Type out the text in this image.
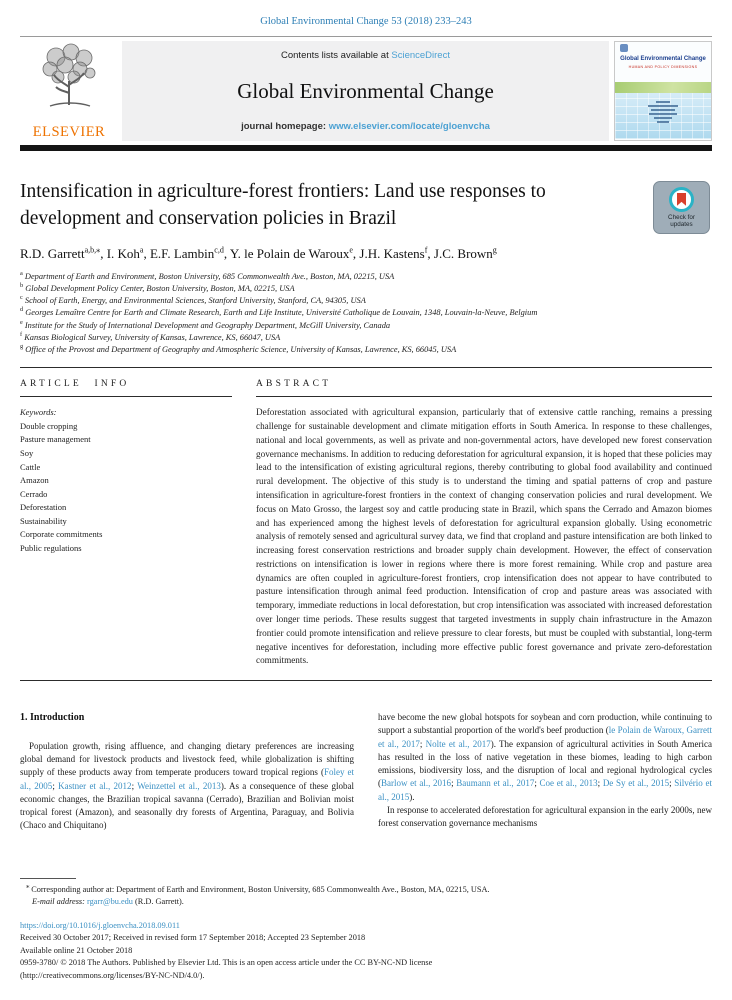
Global Environmental Change 53 (2018) 233–243
ELSEVIER
Contents lists available at ScienceDirect
Global Environmental Change
journal homepage: www.elsevier.com/locate/gloenvcha
Global Environmental Change
HUMAN AND POLICY DIMENSIONS
Intensification in agriculture-forest frontiers: Land use responses to development and conservation policies in Brazil	Check for updates
R.D. Garrett$^{a,b,⁎}$, I. Koh$^a$, E.F. Lambin$^{c,d}$, Y. le Polain de Waroux$^e$, J.H. Kastens$^f$, J.C. Brown$^g$
$^a$ Department of Earth and Environment, Boston University, 685 Commonwealth Ave., Boston, MA, 02215, USA
$^b$ Global Development Policy Center, Boston University, Boston, MA, 02215, USA
$^c$ School of Earth, Energy, and Environmental Sciences, Stanford University, Stanford, CA, 94305, USA
$^d$ Georges Lemaître Centre for Earth and Climate Research, Earth and Life Institute, Université Catholique de Louvain, 1348, Louvain-la-Neuve, Belgium
$^e$ Institute for the Study of International Development and Geography Department, McGill University, Canada
$^f$ Kansas Biological Survey, University of Kansas, Lawrence, KS, 66047, USA
$^g$ Office of the Provost and Department of Geography and Atmospheric Science, University of Kansas, Lawrence, KS, 66045, USA
ARTICLE INFO
Keywords:
Double cropping
Pasture management
Soy
Cattle
Amazon
Cerrado
Deforestation
Sustainability
Corporate commitments
Public regulations
ABSTRACT
Deforestation associated with agricultural expansion, particularly that of extensive cattle ranching, remains a pressing challenge for sustainable development and climate mitigation efforts in South America. In response to these challenges, national and local governments, as well as private and non-governmental actors, have developed new forest conservation governance mechanisms. In addition to reducing deforestation for agricultural expansion, it is hoped that these policies may lead to the intensification of existing agricultural regions, thereby contributing to global food availability and continued rural development. The objective of this study is to understand the timing and spatial patterns of crop and pasture intensification in agriculture-forest frontiers in the context of changing conservation policies and rural development. We focus on Mato Grosso, the largest soy and cattle producing state in Brazil, which spans the Cerrado and Amazon biomes and has experienced among the highest levels of deforestation for agricultural expansion globally. Using econometric analysis of remotely sensed and agricultural survey data, we find that cropland and pasture intensification are both linked to increasing forest conservation restrictions and broader supply chain development. However, the effect of conservation restrictions on intensification is lower in regions where there is more forest remaining. While crop and pasture area dynamics are often coupled in agriculture-forest frontiers, crop intensification does not appear to have contributed to pasture intensification through animal feed production. Intensification of crop and pasture areas was associated with temporary, immediate reductions in local deforestation, but crop intensification was associated with increased deforestation over longer time periods. These results suggest that targeted investments in supply chain infrastructure in the Amazon frontier could promote intensification and relieve pressure to clear forests, but must be coupled with substantial, long-term negative incentives for deforestation, including more effective public forest governance and private zero-deforestation commitments.
1. Introduction
Population growth, rising affluence, and changing dietary preferences are increasing global demand for livestock products and livestock feed, while globalization is shifting supply of these products away from temperate producers toward tropical regions (Foley et al., 2005; Kastner et al., 2012; Weinzettel et al., 2013). As a consequence of these global economic changes, the Brazilian tropical savanna (Cerrado), Brazilian and Bolivian moist tropical forest (Amazon), and seasonally dry forests of Argentina, Paraguay, and Bolivia (Chaco and Chiquitano)
have become the new global hotspots for soybean and corn production, while continuing to support a substantial proportion of the world's beef production (le Polain de Waroux, Garrett et al., 2017; Nolte et al., 2017). The expansion of agricultural activities in South America has resulted in the loss of native vegetation in these biomes, leading to high carbon emissions, biodiversity loss, and the disruption of local and regional hydrological cycles (Barlow et al., 2016; Baumann et al., 2017; Coe et al., 2013; De Sy et al., 2015; Silvério et al., 2015).
In response to accelerated deforestation for agricultural expansion in the early 2000s, new forest conservation governance mechanisms
⁎ Corresponding author at: Department of Earth and Environment, Boston University, 685 Commonwealth Ave., Boston, MA, 02215, USA.
E-mail address: rgarr@bu.edu (R.D. Garrett).
https://doi.org/10.1016/j.gloenvcha.2018.09.011
Received 30 October 2017; Received in revised form 17 September 2018; Accepted 23 September 2018
Available online 21 October 2018
0959-3780/ © 2018 The Authors. Published by Elsevier Ltd. This is an open access article under the CC BY-NC-ND license
(http://creativecommons.org/licenses/BY-NC-ND/4.0/).
